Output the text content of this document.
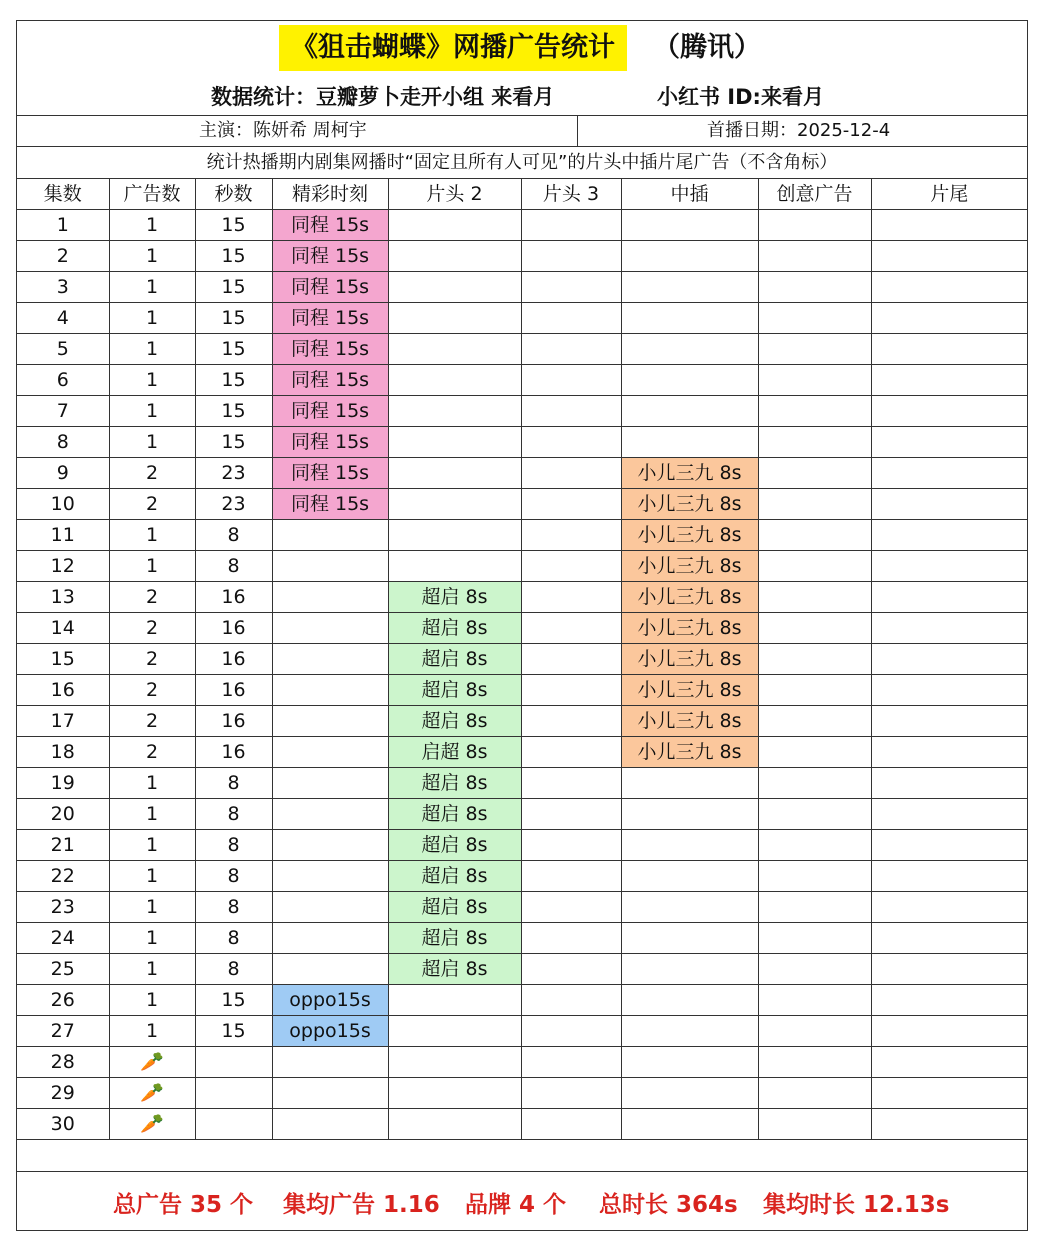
《狙击蝴蝶》网播广告统计	（腾讯）
数据统计：豆瓣萝卜走开小组 来看月	小红书 ID:来看月
主演：陈妍希 周柯宇	首播日期：2025-12-4
统计热播期内剧集网播时“固定且所有人可见”的片头中插片尾广告（不含角标）
集数	广告数	秒数	精彩时刻	片头 2	片头 3	中插	创意广告	片尾
1	1	15	同程 15s					
2	1	15	同程 15s					
3	1	15	同程 15s					
4	1	15	同程 15s					
5	1	15	同程 15s					
6	1	15	同程 15s					
7	1	15	同程 15s					
8	1	15	同程 15s					
9	2	23	同程 15s			小儿三九 8s		
10	2	23	同程 15s			小儿三九 8s		
11	1	8				小儿三九 8s		
12	1	8				小儿三九 8s		
13	2	16		超启 8s		小儿三九 8s		
14	2	16		超启 8s		小儿三九 8s		
15	2	16		超启 8s		小儿三九 8s		
16	2	16		超启 8s		小儿三九 8s		
17	2	16		超启 8s		小儿三九 8s		
18	2	16		启超 8s		小儿三九 8s		
19	1	8		超启 8s				
20	1	8		超启 8s				
21	1	8		超启 8s				
22	1	8		超启 8s				
23	1	8		超启 8s				
24	1	8		超启 8s				
25	1	8		超启 8s				
26	1	15	oppo15s					
27	1	15	oppo15s					
28	🥕							
29	🥕							
30	🥕							
总广告 35 个 集均广告 1.16 品牌 4 个 总时长 364s 集均时长 12.13s
